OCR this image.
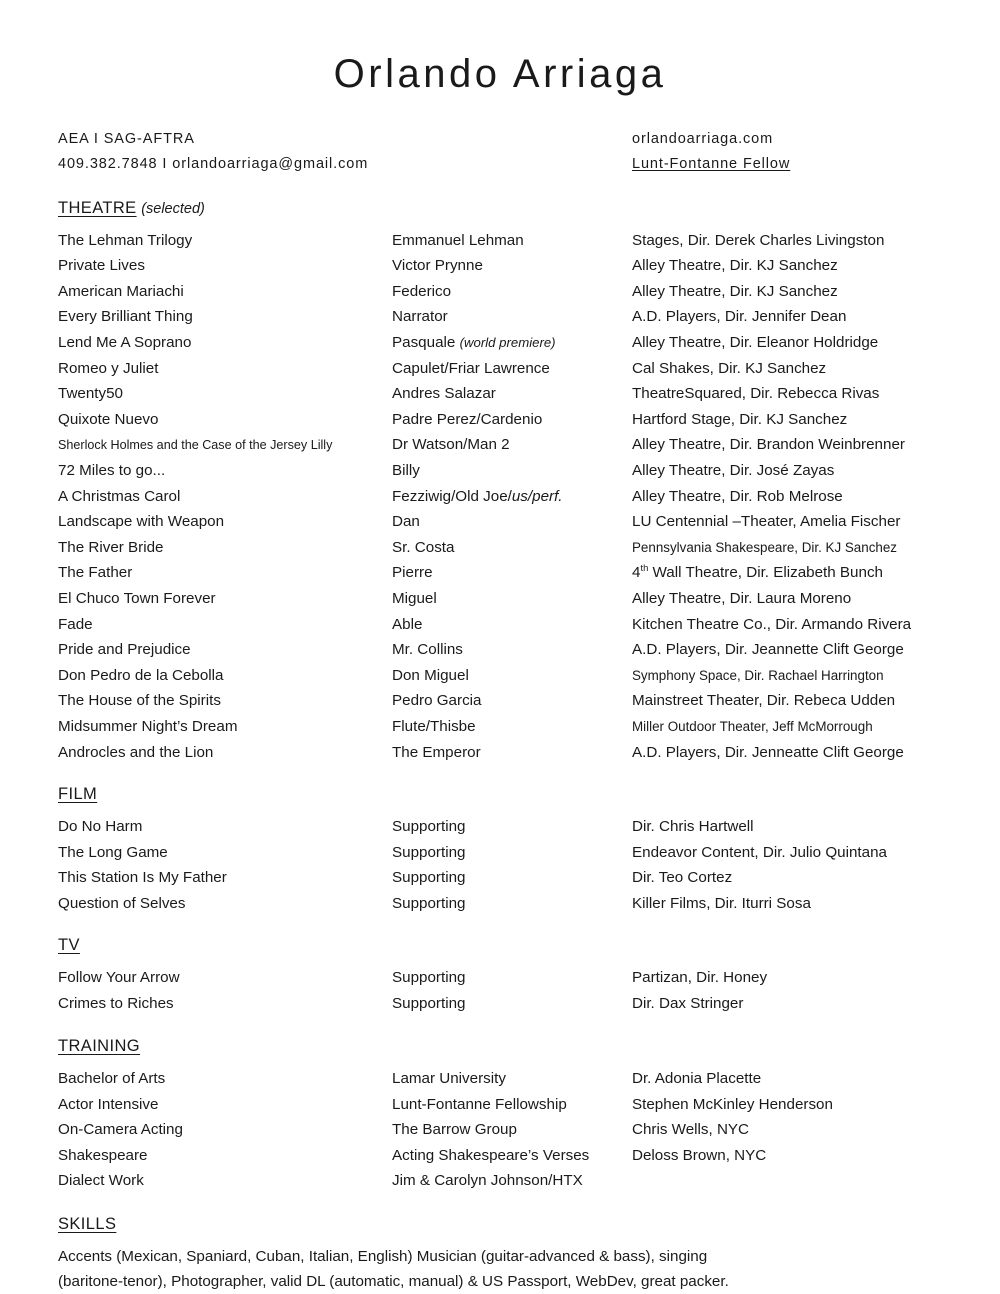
Orlando Arriaga
AEA I SAG-AFTRA
409.382.7848 I orlandoarriaga@gmail.com
orlandoarriaga.com
Lunt-Fontanne Fellow
THEATRE (selected)
The Lehman Trilogy	Emmanuel Lehman	Stages, Dir. Derek Charles Livingston
Private Lives	Victor Prynne	Alley Theatre, Dir. KJ Sanchez
American Mariachi	Federico	Alley Theatre, Dir. KJ Sanchez
Every Brilliant Thing	Narrator	A.D. Players, Dir. Jennifer Dean
Lend Me A Soprano	Pasquale (world premiere)	Alley Theatre, Dir. Eleanor Holdridge
Romeo y Juliet	Capulet/Friar Lawrence	Cal Shakes, Dir. KJ Sanchez
Twenty50	Andres Salazar	TheatreSquared, Dir. Rebecca Rivas
Quixote Nuevo	Padre Perez/Cardenio	Hartford Stage, Dir. KJ Sanchez
Sherlock Holmes and the Case of the Jersey Lilly	Dr Watson/Man 2	Alley Theatre, Dir. Brandon Weinbrenner
72 Miles to go...	Billy	Alley Theatre, Dir. José Zayas
A Christmas Carol	Fezziwig/Old Joe/us/perf.	Alley Theatre, Dir. Rob Melrose
Landscape with Weapon	Dan	LU Centennial –Theater, Amelia Fischer
The River Bride	Sr. Costa	Pennsylvania Shakespeare, Dir. KJ Sanchez
The Father	Pierre	4th Wall Theatre, Dir. Elizabeth Bunch
El Chuco Town Forever	Miguel	Alley Theatre, Dir. Laura Moreno
Fade	Able	Kitchen Theatre Co., Dir. Armando Rivera
Pride and Prejudice	Mr. Collins	A.D. Players, Dir. Jeannette Clift George
Don Pedro de la Cebolla	Don Miguel	Symphony Space, Dir. Rachael Harrington
The House of the Spirits	Pedro Garcia	Mainstreet Theater, Dir. Rebeca Udden
Midsummer Night’s Dream	Flute/Thisbe	Miller Outdoor Theater, Jeff McMorrough
Androcles and the Lion	The Emperor	A.D. Players, Dir. Jenneatte Clift George
FILM
Do No Harm	Supporting	Dir. Chris Hartwell
The Long Game	Supporting	Endeavor Content, Dir. Julio Quintana
This Station Is My Father	Supporting	Dir. Teo Cortez
Question of Selves	Supporting	Killer Films, Dir. Iturri Sosa
TV
Follow Your Arrow	Supporting	Partizan, Dir. Honey
Crimes to Riches	Supporting	Dir. Dax Stringer
TRAINING
Bachelor of Arts	Lamar University	Dr. Adonia Placette
Actor Intensive	Lunt-Fontanne Fellowship	Stephen McKinley Henderson
On-Camera Acting	The Barrow Group	Chris Wells, NYC
Shakespeare	Acting Shakespeare’s Verses	Deloss Brown, NYC
Dialect Work	Jim & Carolyn Johnson/HTX
SKILLS
Accents (Mexican, Spaniard, Cuban, Italian, English) Musician (guitar-advanced & bass), singing
(baritone-tenor), Photographer, valid DL (automatic, manual) & US Passport, WebDev, great packer.
